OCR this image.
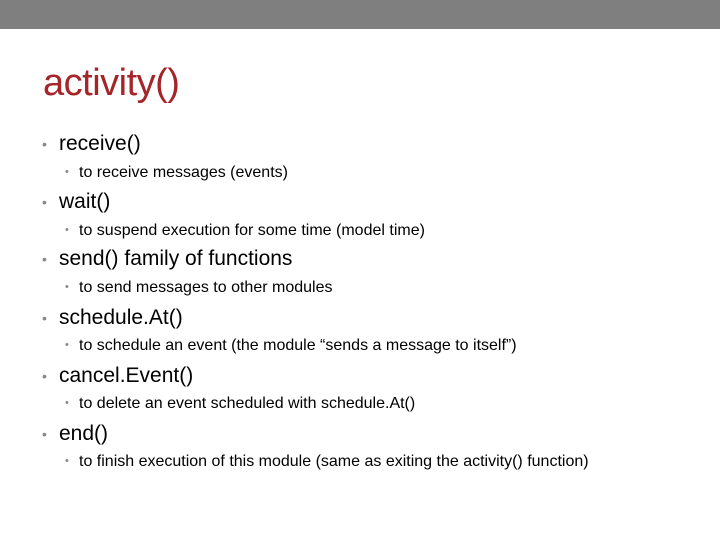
activity()
• receive()
• to receive messages (events)
• wait()
• to suspend execution for some time (model time)
• send() family of functions
• to send messages to other modules
• schedule.At()
• to schedule an event (the module “sends a message to itself”)
• cancel.Event()
• to delete an event scheduled with schedule.At()
• end()
• to finish execution of this module (same as exiting the activity() function)
